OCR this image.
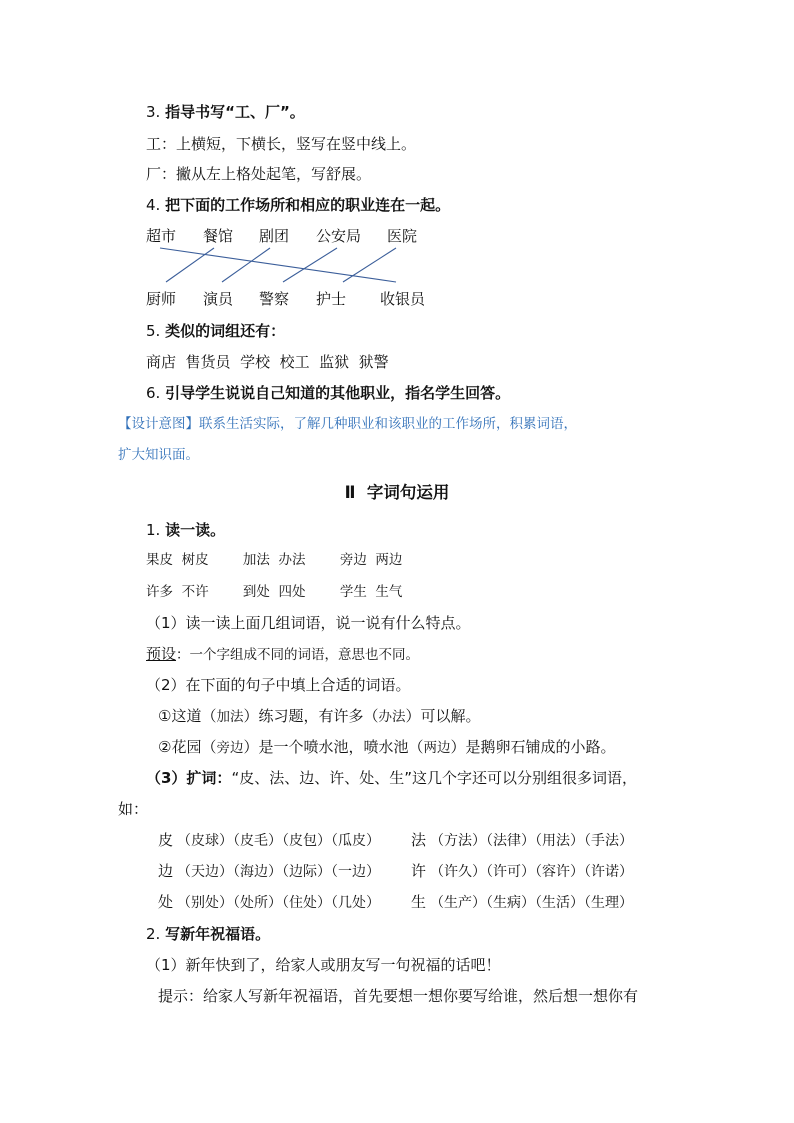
3. 指导书写“工、厂”。
工：上横短，下横长，竖写在竖中线上。
厂：撇从左上格处起笔，写舒展。
4. 把下面的工作场所和相应的职业连在一起。
超市 餐馆 剧团 公安局 医院
厨师 演员 警察 护士 收银员
5. 类似的词组还有：
商店  售货员  学校  校工  监狱  狱警
6. 引导学生说说自己知道的其他职业，指名学生回答。
【设计意图】联系生活实际，了解几种职业和该职业的工作场所，积累词语，
扩大知识面。
Ⅱ  字词句运用
1. 读一读。
果皮  树皮        加法  办法        旁边  两边
许多  不许        到处  四处        学生  生气
（1）读一读上面几组词语，说一说有什么特点。
预设：一个字组成不同的词语，意思也不同。
（2）在下面的句子中填上合适的词语。
①这道（加法）练习题，有许多（办法）可以解。
②花园（旁边）是一个喷水池，喷水池（两边）是鹅卵石铺成的小路。
（3）扩词：“皮、法、边、许、处、生”这几个字还可以分别组很多词语，
如：
皮 （皮球）（皮毛）（皮包）（瓜皮） 法 （方法）（法律）（用法）（手法）
边 （天边）（海边）（边际）（一边） 许 （许久）（许可）（容许）（许诺）
处 （别处）（处所）（住处）（几处） 生 （生产）（生病）（生活）（生理）
2. 写新年祝福语。
（1）新年快到了，给家人或朋友写一句祝福的话吧！
提示：给家人写新年祝福语，首先要想一想你要写给谁，然后想一想你有
